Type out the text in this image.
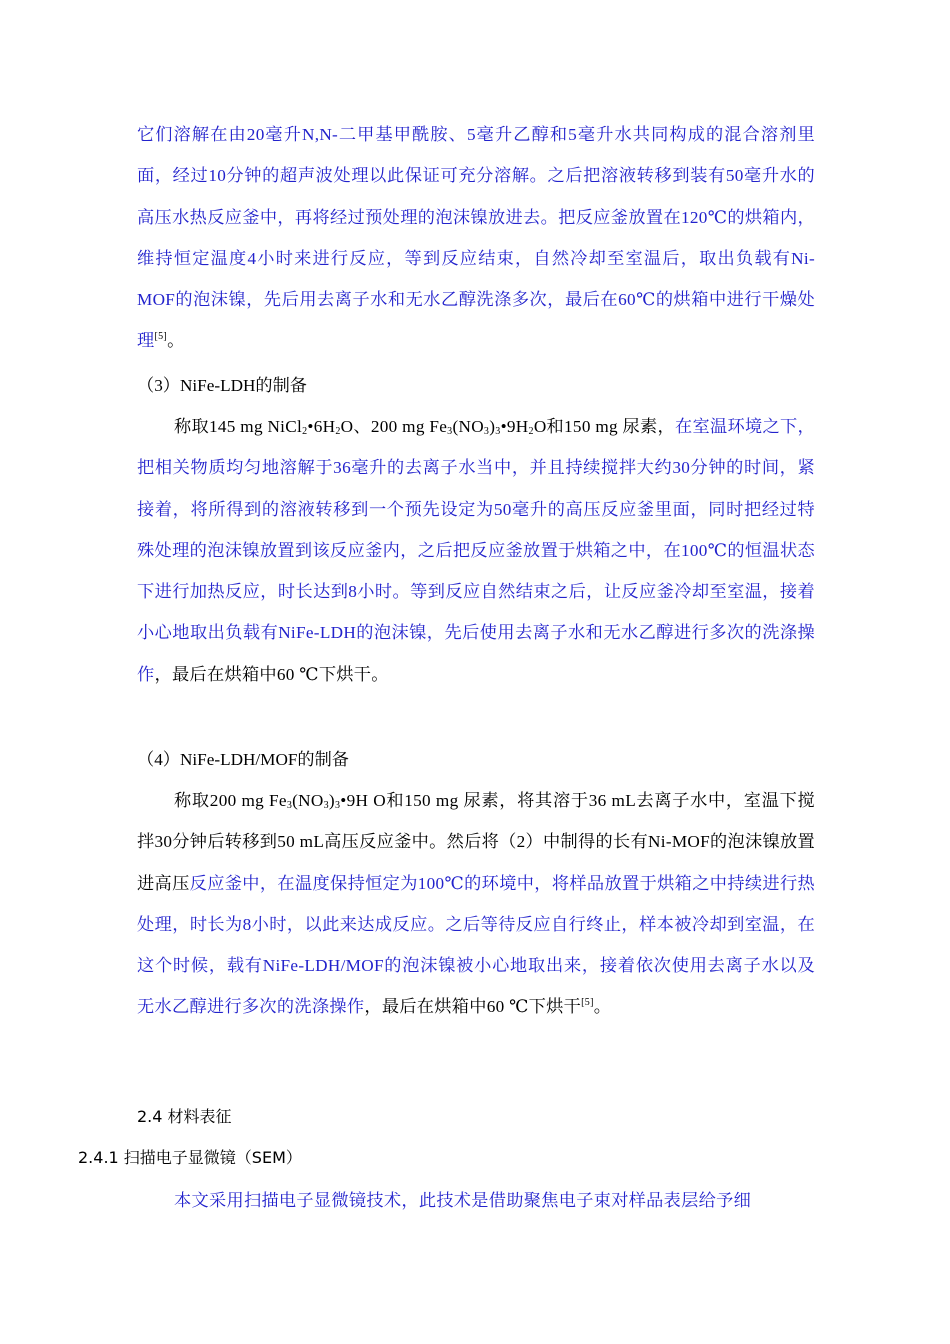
它们溶解在由20毫升N,N-二甲基甲酰胺、5毫升乙醇和5毫升水共同构成的混合溶剂里面，经过10分钟的超声波处理以此保证可充分溶解。之后把溶液转移到装有50毫升水的高压水热反应釜中，再将经过预处理的泡沫镍放进去。把反应釜放置在120℃的烘箱内，维持恒定温度4小时来进行反应，等到反应结束，自然冷却至室温后，取出负载有Ni-MOF的泡沫镍，先后用去离子水和无水乙醇洗涤多次，最后在60℃的烘箱中进行干燥处理[5]。

（3）NiFe-LDH的制备

称取145 mg $NiCl_2•6H_2O$、200 mg $Fe_3(NO_3)_3•9H_2O$和150 mg 尿素，在室温环境之下，把相关物质均匀地溶解于36毫升的去离子水当中，并且持续搅拌大约30分钟的时间，紧接着，将所得到的溶液转移到一个预先设定为50毫升的高压反应釜里面，同时把经过特殊处理的泡沫镍放置到该反应釜内，之后把反应釜放置于烘箱之中，在100℃的恒温状态下进行加热反应，时长达到8小时。等到反应自然结束之后，让反应釜冷却至室温，接着小心地取出负载有NiFe-LDH的泡沫镍，先后使用去离子水和无水乙醇进行多次的洗涤操作，最后在烘箱中60 ℃下烘干。

（4）NiFe-LDH/MOF的制备

称取200 mg $Fe_3(NO_3)_3•9H$ O和150 mg 尿素，将其溶于36 mL去离子水中，室温下搅拌30分钟后转移到50 mL高压反应釜中。然后将（2）中制得的长有Ni-MOF的泡沫镍放置进高压反应釜中，在温度保持恒定为100℃的环境中，将样品放置于烘箱之中持续进行热处理，时长为8小时，以此来达成反应。之后等待反应自行终止，样本被冷却到室温，在这个时候，载有NiFe-LDH/MOF的泡沫镍被小心地取出来，接着依次使用去离子水以及无水乙醇进行多次的洗涤操作，最后在烘箱中60 ℃下烘干[5]。

2.4 材料表征
2.4.1 扫描电子显微镜（SEM）

本文采用扫描电子显微镜技术，此技术是借助聚焦电子束对样品表层给予细
